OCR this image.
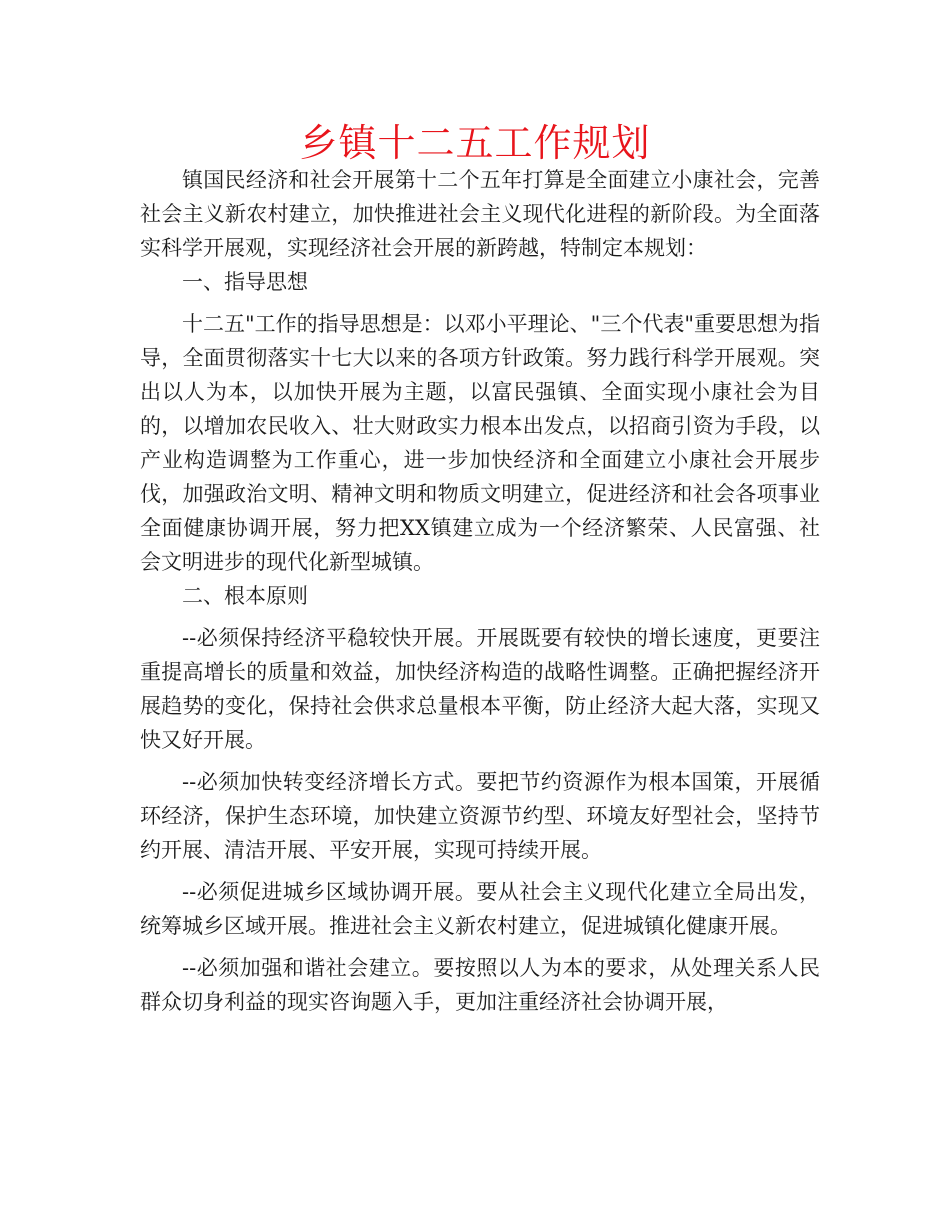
乡镇十二五工作规划

镇国民经济和社会开展第十二个五年打算是全面建立小康社会，完善社会主义新农村建立，加快推进社会主义现代化进程的新阶段。为全面落实科学开展观，实现经济社会开展的新跨越，特制定本规划：

一、指导思想

十二五"工作的指导思想是：以邓小平理论、"三个代表"重要思想为指导，全面贯彻落实十七大以来的各项方针政策。努力践行科学开展观。突出以人为本，以加快开展为主题，以富民强镇、全面实现小康社会为目的，以增加农民收入、壮大财政实力根本出发点，以招商引资为手段，以产业构造调整为工作重心，进一步加快经济和全面建立小康社会开展步伐，加强政治文明、精神文明和物质文明建立，促进经济和社会各项事业全面健康协调开展，努力把XX镇建立成为一个经济繁荣、人民富强、社会文明进步的现代化新型城镇。

二、根本原则

--必须保持经济平稳较快开展。开展既要有较快的增长速度，更要注重提高增长的质量和效益，加快经济构造的战略性调整。正确把握经济开展趋势的变化，保持社会供求总量根本平衡，防止经济大起大落，实现又快又好开展。

--必须加快转变经济增长方式。要把节约资源作为根本国策，开展循环经济，保护生态环境，加快建立资源节约型、环境友好型社会，坚持节约开展、清洁开展、平安开展，实现可持续开展。

--必须促进城乡区域协调开展。要从社会主义现代化建立全局出发，统筹城乡区域开展。推进社会主义新农村建立，促进城镇化健康开展。

--必须加强和谐社会建立。要按照以人为本的要求，从处理关系人民群众切身利益的现实咨询题入手，更加注重经济社会协调开展，
